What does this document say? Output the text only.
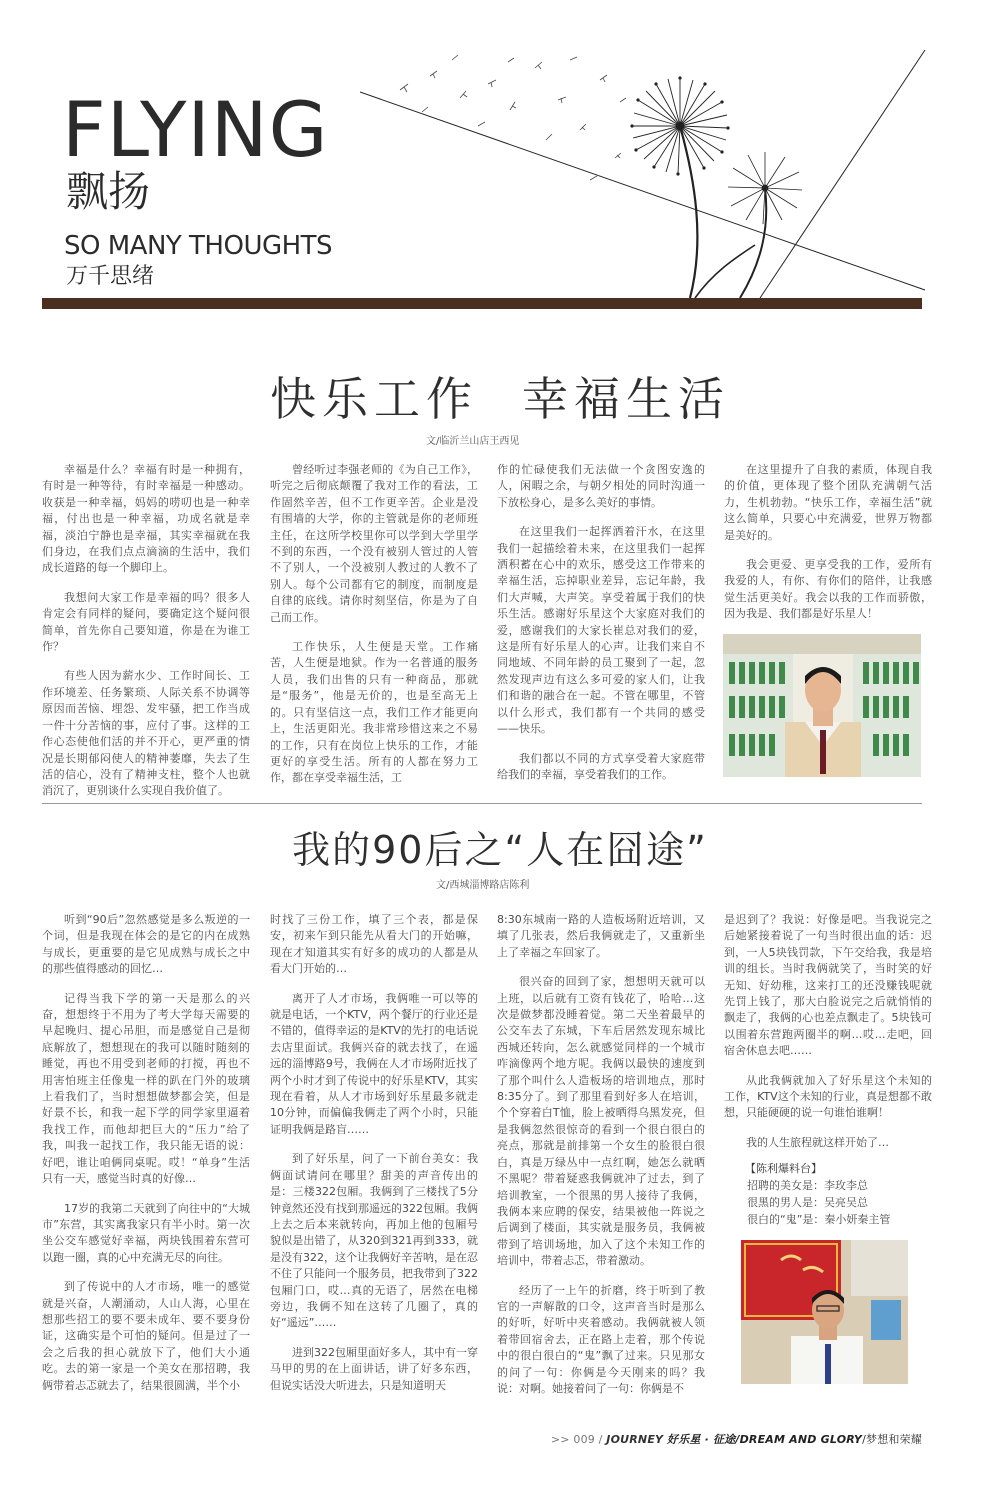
FLYING
飘扬
SO MANY THOUGHTS
万千思绪
快乐工作 幸福生活
文/临沂兰山店王西见

幸福是什么？幸福有时是一种拥有，有时是一种等待，有时幸福是一种感动。收获是一种幸福，妈妈的唠叨也是一种幸福，付出也是一种幸福，功成名就是幸福，淡泊宁静也是幸福，其实幸福就在我们身边，在我们点点滴滴的生活中，我们成长道路的每一个脚印上。

我想问大家工作是幸福的吗？很多人肯定会有同样的疑问，要确定这个疑问很简单，首先你自己要知道，你是在为谁工作？

有些人因为薪水少、工作时间长、工作环境差、任务繁琐、人际关系不协调等原因而苦恼、埋怨、发牢骚，把工作当成一件十分苦恼的事，应付了事。这样的工作心态使他们活的并不开心，更严重的情况是长期郁闷使人的精神萎靡，失去了生活的信心，没有了精神支柱，整个人也就消沉了，更别谈什么实现自我价值了。

曾经听过李强老师的《为自己工作》，听完之后彻底颠覆了我对工作的看法，工作固然辛苦，但不工作更辛苦。企业是没有围墙的大学，你的主管就是你的老师班主任，在这所学校里你可以学到大学里学不到的东西，一个没有被别人管过的人管不了别人，一个没被别人教过的人教不了别人。每个公司都有它的制度，而制度是自律的底线。请你时刻坚信，你是为了自己而工作。

工作快乐，人生便是天堂。工作痛苦，人生便是地狱。作为一名普通的服务人员，我们出售的只有一种商品，那就是“服务”，他是无价的，也是至高无上的。只有坚信这一点，我们工作才能更向上，生活更阳光。我非常珍惜这来之不易的工作，只有在岗位上快乐的工作，才能更好的享受生活。所有的人都在努力工作，都在享受幸福生活，工

作的忙碌使我们无法做一个贪图安逸的人，闲暇之余，与朝夕相处的同时沟通一下放松身心，是多么美好的事情。

在这里我们一起挥洒着汗水，在这里我们一起描绘着未来，在这里我们一起挥洒积蓄在心中的欢乐，感受这工作带来的幸福生活，忘掉职业差异，忘记年龄，我们大声喊，大声笑。享受着属于我们的快乐生活。感谢好乐星这个大家庭对我们的爱，感谢我们的大家长崔总对我们的爱，这是所有好乐星人的心声。让我们来自不同地域、不同年龄的员工聚到了一起，忽然发现声边有这么多可爱的家人们，让我们和谐的融合在一起。不管在哪里，不管以什么形式，我们都有一个共同的感受——快乐。

我们都以不同的方式享受着大家庭带给我们的幸福，享受着我们的工作。

在这里提升了自我的素质，体现自我的价值，更体现了整个团队充满朝气活力，生机勃勃。“快乐工作，幸福生活”就这么简单，只要心中充满爱，世界万物都是美好的。

我会更爱、更享受我的工作，爱所有我爱的人，有你、有你们的陪伴，让我感觉生活更美好。我会以我的工作而骄傲，因为我是、我们都是好乐星人！

我的90后之“人在囧途”
文/西城淄博路店陈利

听到“90后”忽然感觉是多么叛逆的一个词，但是我现在体会的是它的内在成熟与成长，更重要的是它见成熟与成长之中的那些值得感动的回忆…

记得当我下学的第一天是那么的兴奋，想想终于不用为了考大学每天需要的早起晚归、提心吊胆，而是感觉自己是彻底解放了，想想现在的我可以随时随刻的睡觉，再也不用受到老师的打搅，再也不用害怕班主任像鬼一样的趴在门外的玻璃上看我们了，当时想想做梦都会笑，但是好景不长，和我一起下学的同学家里逼着我找工作，而他却把巨大的“压力”给了我，叫我一起找工作，我只能无语的说：好吧，谁让咱俩同桌呢。哎！“单身”生活只有一天，感觉当时真的好像…

17岁的我第二天就到了向往中的“大城市”东营，其实离我家只有半小时。第一次坐公交车感觉好幸福，两块钱围着东营可以跑一圈，真的心中充满无尽的向往。

到了传说中的人才市场，唯一的感觉就是兴奋，人潮涌动，人山人海，心里在想那些招工的要不要未成年、要不要身份证，这确实是个可怕的疑问。但是过了一会之后我的担心就放下了，他们大小通吃。去的第一家是一个美女在那招聘，我俩带着忐忑就去了，结果很圆满，半个小

时找了三份工作，填了三个表，都是保安，初来乍到只能先从看大门的开始嘛，现在才知道其实有好多的成功的人都是从看大门开始的…

离开了人才市场，我俩唯一可以等的就是电话，一个KTV，两个餐厅的行业还是不错的，值得幸运的是KTV的先打的电话说去店里面试。我俩兴奋的就去找了，在遥远的淄博路9号，我俩在人才市场附近找了两个小时才到了传说中的好乐星KTV，其实现在看着，从人才市场到好乐星最多就走10分钟，而偏偏我俩走了两个小时，只能证明我俩是路盲……

到了好乐星，问了一下前台美女：我俩面试请问在哪里？甜美的声音传出的是：三楼322包厢。我俩到了三楼找了5分钟竟然还没有找到那遥远的322包厢。我俩上去之后本来就转向，再加上他的包厢号貌似是出错了，从320到321再到333，就是没有322，这个让我俩好辛苦呐，是在忍不住了只能问一个服务员，把我带到了322包厢门口，哎…真的无语了，居然在电梯旁边，我俩不知在这转了几圈了，真的好“遥远”……

进到322包厢里面好多人，其中有一穿马甲的男的在上面讲话，讲了好多东西，但说实话没大听进去，只是知道明天

8:30东城南一路的人造板场附近培训，又填了几张表，然后我俩就走了，又重新坐上了幸福之车回家了。

很兴奋的回到了家，想想明天就可以上班，以后就有工资有钱花了，哈哈…这次是做梦都没睡着觉。第二天坐着最早的公交车去了东城，下车后居然发现东城比西城还转向，怎么就感觉同样的一个城市咋滴像两个地方呢。我俩以最快的速度到了那个叫什么人造板场的培训地点，那时8:35分了。到了那里看到好多人在培训，个个穿着白T恤，脸上被晒得乌黑发亮，但是我俩忽然很惊奇的看到一个很白很白的亮点，那就是前排第一个女生的脸很白很白，真是万绿丛中一点红啊，她怎么就晒不黑呢？带着疑惑我俩就冲了过去，到了培训教室，一个很黑的男人接待了我俩，我俩本来应聘的保安，结果被他一阵说之后调到了楼面，其实就是服务员，我俩被带到了培训场地，加入了这个未知工作的培训中，带着忐忑，带着激动。

经历了一上午的折磨，终于听到了教官的一声解散的口令，这声音当时是那么的好听，好听中夹着感动。我俩就被人领着带回宿舍去，正在路上走着，那个传说中的很白很白的“鬼”飘了过来。只见那女的问了一句：你俩是今天刚来的吗？我说：对啊。她接着问了一句：你俩是不

是迟到了？我说：好像是吧。当我说完之后她紧接着说了一句当时很出血的话：迟到，一人5块钱罚款，下午交给我，我是培训的组长。当时我俩就笑了，当时笑的好无知、好幼稚，这来打工的还没赚钱呢就先罚上钱了，那大白脸说完之后就悄悄的飘走了，我俩的心也差点飘走了。5块钱可以围着东营跑两圈半的啊…哎…走吧，回宿舍休息去吧……

从此我俩就加入了好乐星这个未知的工作，KTV这个未知的行业，真是想都不敢想，只能硬硬的说一句谁怕谁啊！

我的人生旅程就这样开始了…

【陈利爆料台】
招聘的美女是：李玫李总
很黑的男人是：吴亮吴总
很白的“鬼”是：秦小妍秦主管
>> 009 / JOURNEY 好乐星 · 征途/DREAM AND GLORY/梦想和荣耀
